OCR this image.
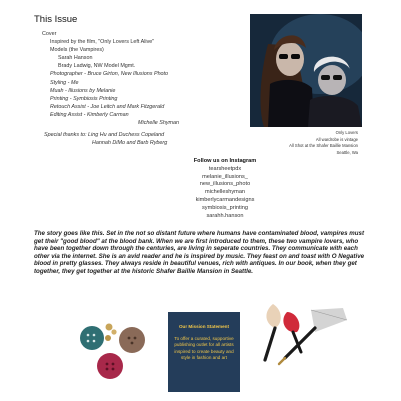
This Issue
Cover
Inspired by the film, "Only Lovers Left Alive"
Models (the Vampires)
Sarah Hanson
Brady Ladwig, NW Model Mgmt.
Photographer - Bruce Girton, New Illusions Photo
Styling - Me
Muah - Illusions by Melanie
Printing - Symbiosis Printing
Retouch Assist - Joe Leitch and Mark Fitzgerald
Editing Assist - Kimberly Carman
Michelle Shyman
Special thanks to: Ling Hu and Duchess Copeland
Hannah DiMo and Barb Ryberg
Only Lovers
All wardrobe is vintage
All Shot at the Shafer Baillie Mansion
Seattle, Wa
Follow us on Instagram
tearsheetpdx
melanie_illusions_
new_illusions_photo
michelleshyman
kimberlycarmandesigns
symbiosis_printing
sarahh.hanson

The story goes like this. Set in the not so distant future where humans have contaminated blood, vampires must get their "good blood" at the blood bank. When we are first introduced to them, these two vampire lovers, who have been together down through the centuries, are living in seperate countries. They communicate with each other via the internet. She is an avid reader and he is inspired by music. They feast on and toast with O Negative blood in pretty glasses. They always reside in beautiful venues, rich with antiques. In our book, when they get together, they get together at the historic Shafer Baillie Mansion in Seattle.

Our Mission Statement
To offer a curated, supportive publishing outlet for all artists inspired to create beauty and style in fashion and art
